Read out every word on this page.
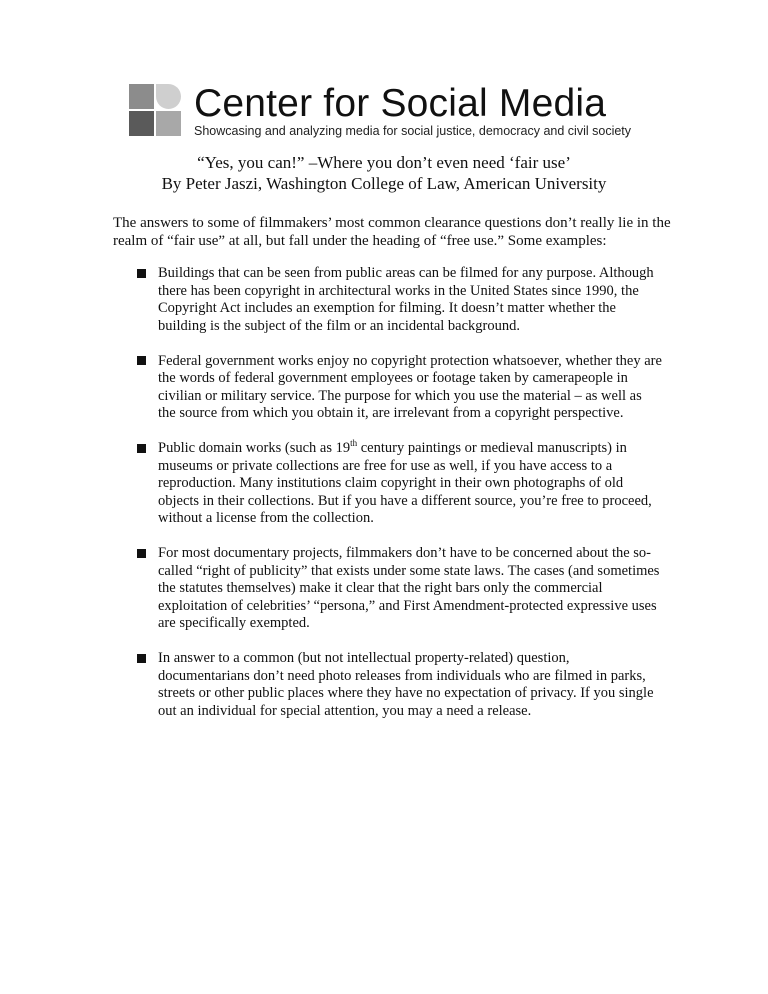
Center for Social Media
Showcasing and analyzing media for social justice, democracy and civil society
“Yes, you can!” –Where you don’t even need ‘fair use’
By Peter Jaszi, Washington College of Law, American University
The answers to some of filmmakers’ most common clearance questions don’t really lie in the realm of “fair use” at all, but fall under the heading of “free use.” Some examples:
Buildings that can be seen from public areas can be filmed for any purpose. Although there has been copyright in architectural works in the United States since 1990, the Copyright Act includes an exemption for filming. It doesn’t matter whether the building is the subject of the film or an incidental background.
Federal government works enjoy no copyright protection whatsoever, whether they are the words of federal government employees or footage taken by camerapeople in civilian or military service. The purpose for which you use the material – as well as the source from which you obtain it, are irrelevant from a copyright perspective.
Public domain works (such as 19th century paintings or medieval manuscripts) in museums or private collections are free for use as well, if you have access to a reproduction. Many institutions claim copyright in their own photographs of old objects in their collections. But if you have a different source, you’re free to proceed, without a license from the collection.
For most documentary projects, filmmakers don’t have to be concerned about the so-called “right of publicity” that exists under some state laws. The cases (and sometimes the statutes themselves) make it clear that the right bars only the commercial exploitation of celebrities’ “persona,” and First Amendment-protected expressive uses are specifically exempted.
In answer to a common (but not intellectual property-related) question, documentarians don’t need photo releases from individuals who are filmed in parks, streets or other public places where they have no expectation of privacy. If you single out an individual for special attention, you may a need a release.
